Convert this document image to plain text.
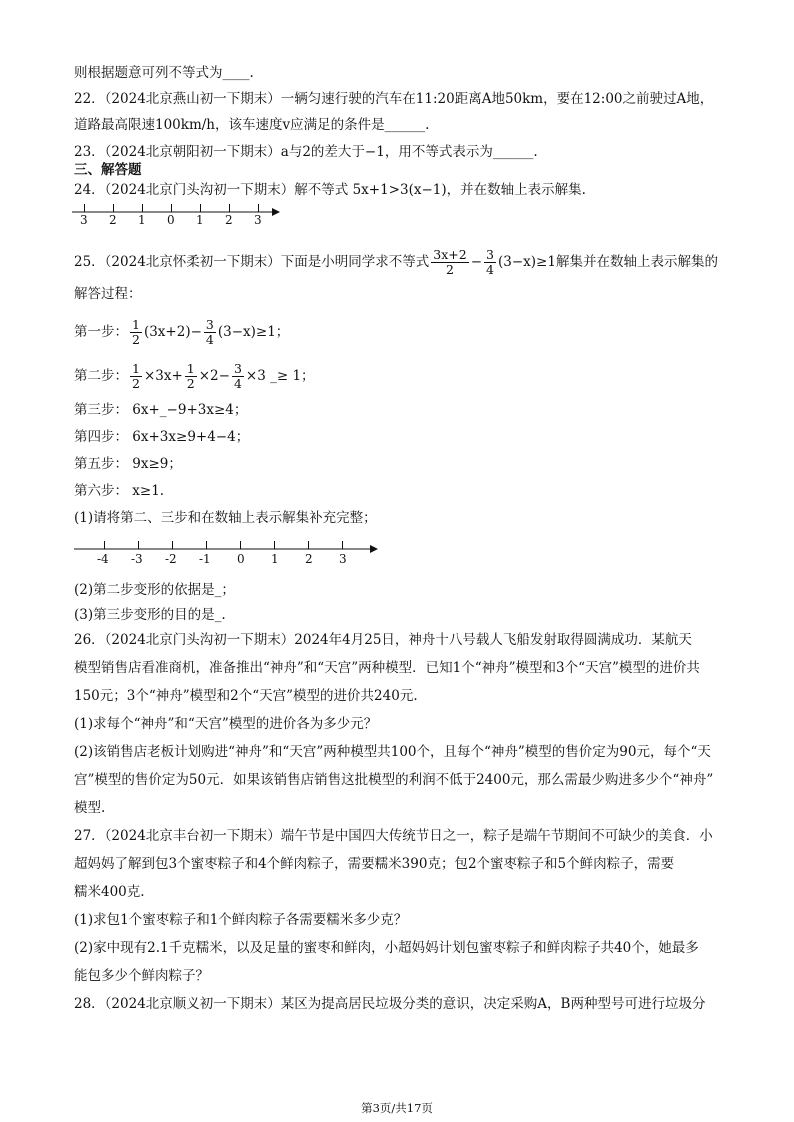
则根据题意可列不等式为____.
22．（2024北京燕山初一下期末）一辆匀速行驶的汽车在11:20距离A地50km，要在12:00之前驶过A地，
道路最高限速100km/h，该车速度v应满足的条件是______.
23．（2024北京朝阳初一下期末）a与2的差大于−1，用不等式表示为______.
三、解答题
24．（2024北京门头沟初一下期末）解不等式 5x+1>3(x−1)，并在数轴上表示解集.
3 2 1 0 1 2 3
25．（2024北京怀柔初一下期末）下面是小明同学求不等式 $\frac{3x+2}{2} - \frac{3}{4} (3-x)\ge 1$解集并在数轴上表示解集的
解答过程：
第一步： $\frac{1}{2} (3x+2)- \frac{3}{4} (3-x)\ge 1$；
第二步： $\frac{1}{2} \times 3x+ \frac{1}{2} \times 2- \frac{3}{4} \times 3$ _≥ 1；
第三步： 6x+_−9+3x≥4；
第四步： 6x+3x≥9+4−4；
第五步： 9x≥9；
第六步： x≥1.
(1)请将第二、三步和在数轴上表示解集补充完整；
-4 -3 -2 -1 0 1 2 3
(2)第二步变形的依据是_；
(3)第三步变形的目的是_.
26．（2024北京门头沟初一下期末）2024年4月25日，神舟十八号载人飞船发射取得圆满成功．某航天
模型销售店看准商机，准备推出“神舟”和“天宫”两种模型．已知1个“神舟”模型和3个“天宫”模型的进价共
150元；3个“神舟”模型和2个“天宫”模型的进价共240元.
(1)求每个“神舟”和“天宫”模型的进价各为多少元？
(2)该销售店老板计划购进“神舟”和“天宫”两种模型共100个，且每个“神舟”模型的售价定为90元，每个“天
宫”模型的售价定为50元．如果该销售店销售这批模型的利润不低于2400元，那么需最少购进多少个“神舟”
模型.
27．（2024北京丰台初一下期末）端午节是中国四大传统节日之一，粽子是端午节期间不可缺少的美食．小
超妈妈了解到包3个蜜枣粽子和4个鲜肉粽子，需要糯米390克；包2个蜜枣粽子和5个鲜肉粽子，需要
糯米400克.
(1)求包1个蜜枣粽子和1个鲜肉粽子各需要糯米多少克？
(2)家中现有2.1千克糯米，以及足量的蜜枣和鲜肉，小超妈妈计划包蜜枣粽子和鲜肉粽子共40个，她最多
能包多少个鲜肉粽子？
28．（2024北京顺义初一下期末）某区为提高居民垃圾分类的意识，决定采购A，B两种型号可进行垃圾分
第3页/共17页
